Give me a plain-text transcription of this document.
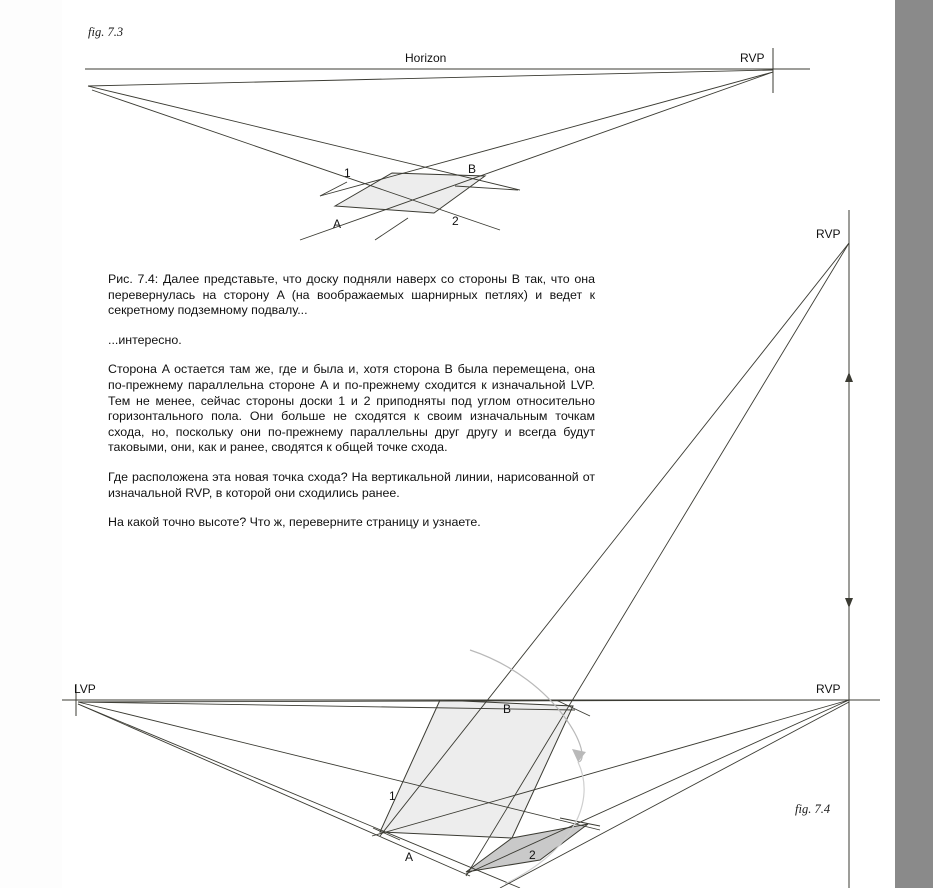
fig. 7.3
Horizon	RVP
1	B
A	2
RVP
RVP
LVP
B
1
A	2
fig. 7.4

Рис. 7.4: Далее представьте, что доску подняли наверх со стороны B так, что она перевернулась на сторону A (на воображаемых шарнирных петлях) и ведет к секретному подземному подвалу...

...интересно.

Сторона A остается там же, где и была и, хотя сторона B была перемещена, она по-прежнему параллельна стороне A и по-прежнему сходится к изначальной LVP. Тем не менее, сейчас стороны доски 1 и 2 приподняты под углом относительно горизонтального пола. Они больше не сходятся к своим изначальным точкам схода, но, поскольку они по-прежнему параллельны друг другу и всегда будут таковыми, они, как и ранее, сводятся к общей точке схода.

Где расположена эта новая точка схода? На вертикальной линии, нарисованной от изначальной RVP, в которой они сходились ранее.

На какой точно высоте? Что ж, переверните страницу и узнаете.
